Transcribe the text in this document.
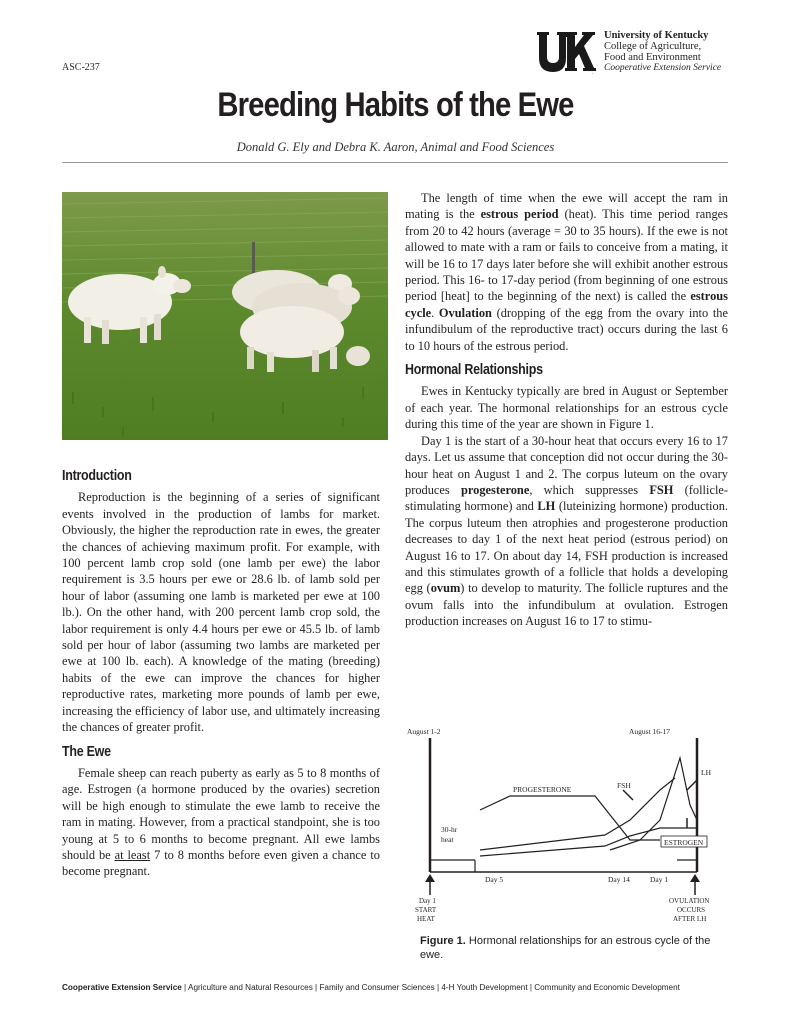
ASC-237	.
University of Kentucky
College of Agriculture,
Food and Environment
Cooperative Extension Service
Breeding Habits of the Ewe
Donald G. Ely and Debra K. Aaron, Animal and Food Sciences
Introduction

Reproduction is the beginning of a series of significant events involved in the production of lambs for market. Obviously, the higher the reproduction rate in ewes, the greater the chances of achieving maximum profit. For example, with 100 percent lamb crop sold (one lamb per ewe) the labor requirement is 3.5 hours per ewe or 28.6 lb. of lamb sold per hour of labor (assuming one lamb is marketed per ewe at 100 lb.). On the other hand, with 200 percent lamb crop sold, the labor requirement is only 4.4 hours per ewe or 45.5 lb. of lamb sold per hour of labor (assuming two lambs are marketed per ewe at 100 lb. each). A knowledge of the mating (breeding) habits of the ewe can improve the chances for higher reproductive rates, marketing more pounds of lamb per ewe, increasing the efficiency of labor use, and ultimately increasing the chances of greater profit.

The Ewe

Female sheep can reach puberty as early as 5 to 8 months of age. Estrogen (a hormone produced by the ovaries) secretion will be high enough to stimulate the ewe lamb to receive the ram in mating. However, from a practical standpoint, she is too young at 5 to 6 months to become pregnant. All ewe lambs should be at least 7 to 8 months before even given a chance to become pregnant.

The length of time when the ewe will accept the ram in mating is the estrous period (heat). This time period ranges from 20 to 42 hours (average = 30 to 35 hours). If the ewe is not allowed to mate with a ram or fails to conceive from a mating, it will be 16 to 17 days later before she will exhibit another estrous period. This 16- to 17-day period (from beginning of one estrous period [heat] to the beginning of the next) is called the estrous cycle. Ovulation (dropping of the egg from the ovary into the infundibulum of the reproductive tract) occurs during the last 6 to 10 hours of the estrous period.

Hormonal Relationships

Ewes in Kentucky typically are bred in August or September of each year. The hormonal relationships for an estrous cycle during this time of the year are shown in Figure 1.

Day 1 is the start of a 30-hour heat that occurs every 16 to 17 days. Let us assume that conception did not occur during the 30-hour heat on August 1 and 2. The corpus luteum on the ovary produces progesterone, which suppresses FSH (follicle-stimulating hormone) and LH (luteinizing hormone) production. The corpus luteum then atrophies and progesterone production decreases to day 1 of the next heat period (estrous period) on August 16 to 17. On about day 14, FSH production is increased and this stimulates growth of a follicle that holds a developing egg (ovum) to develop to maturity. The follicle ruptures and the ovum falls into the infundibulum at ovulation. Estrogen production increases on August 16 to 17 to stimu-

August 1-2	August 16-17
PROGESTERONE	FSH
LH
30-hr
heat	ESTROGEN
Day 5	Day 14	Day 1
Day 1
START
HEAT
OVULATION
OCCURS
AFTER LH
Figure 1. Hormonal relationships for an estrous cycle of the ewe.
Cooperative Extension Service | Agriculture and Natural Resources | Family and Consumer Sciences | 4-H Youth Development | Community and Economic Development
